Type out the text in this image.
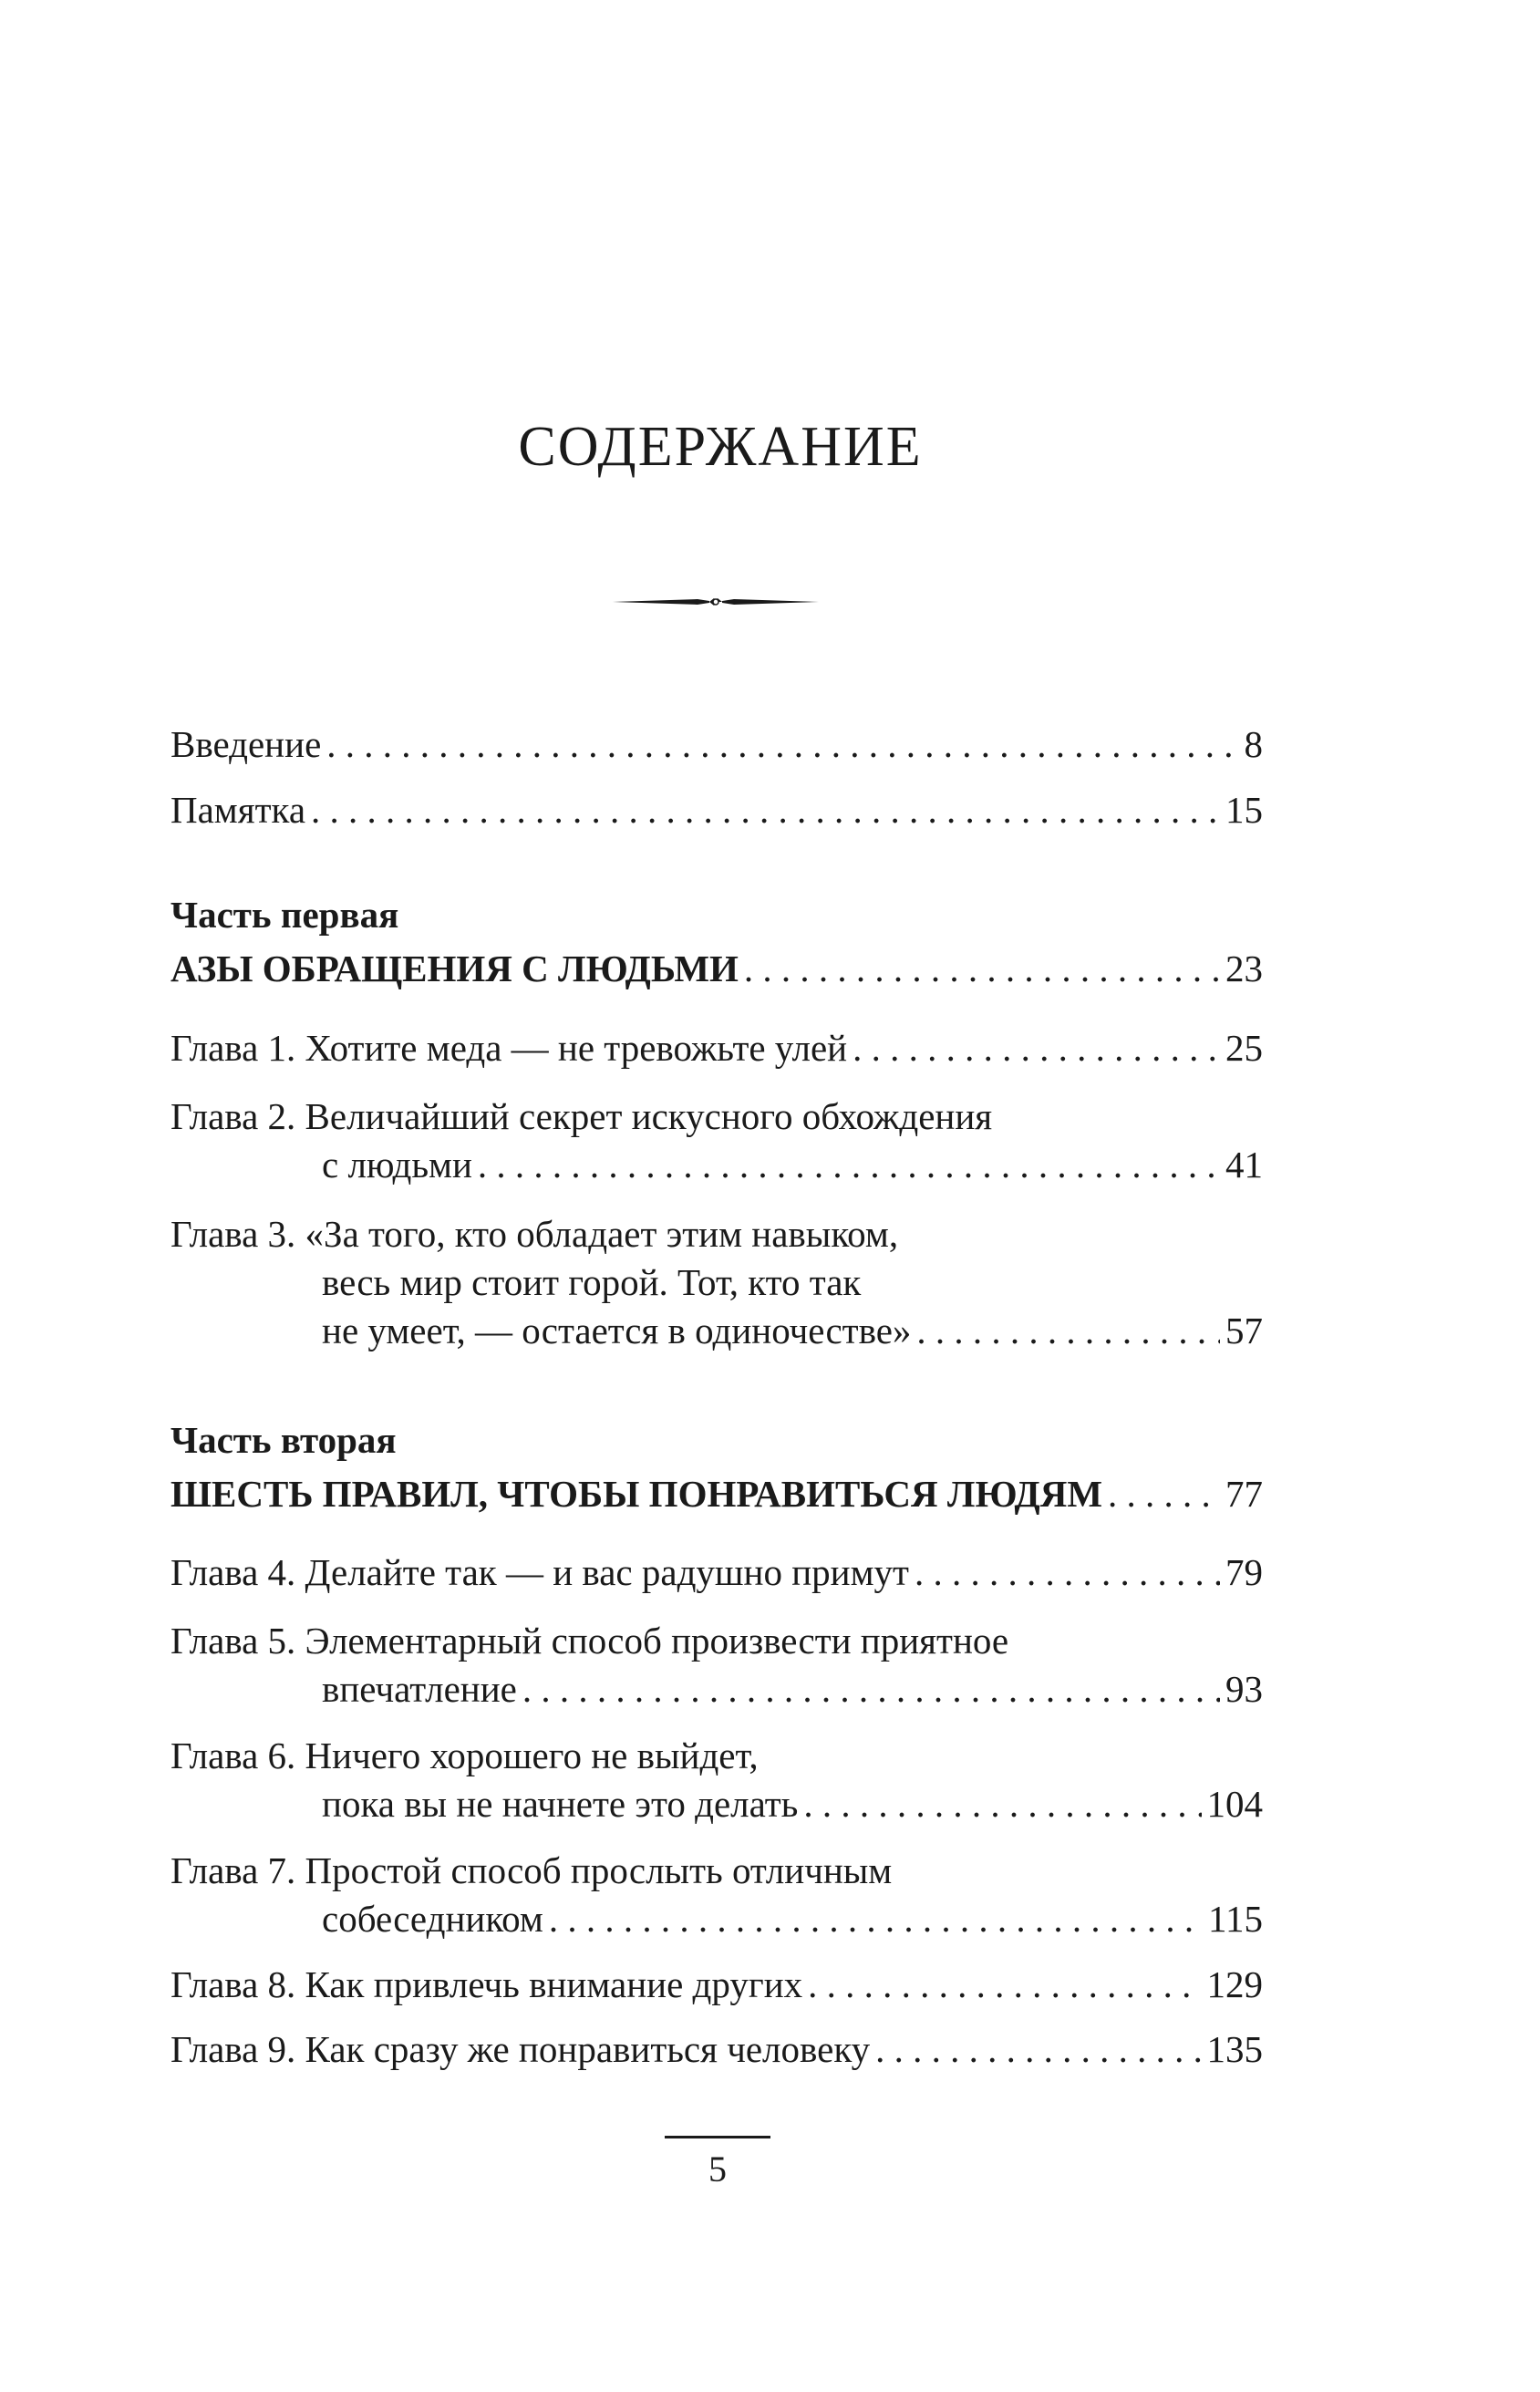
СОДЕРЖАНИЕ
Введение . . .	8
Памятка . . .	15
Часть первая
АЗЫ ОБРАЩЕНИЯ С ЛЮДЬМИ . . .	23
Глава 1. Хотите меда — не тревожьте улей . . .	25
Глава 2. Величайший секрет искусного обхождения
с людьми . . .	41
Глава 3. «За того, кто обладает этим навыком,
весь мир стоит горой. Тот, кто так
не умеет, — остается в одиночестве» . . .	57
Часть вторая
ШЕСТЬ ПРАВИЛ, ЧТОБЫ ПОНРАВИТЬСЯ ЛЮДЯМ . . .	77
Глава 4. Делайте так — и вас радушно примут . . .	79
Глава 5. Элементарный способ произвести приятное
впечатление . . .	93
Глава 6. Ничего хорошего не выйдет,
пока вы не начнете это делать . . .	104
Глава 7. Простой способ прослыть отличным
собеседником . . .	115
Глава 8. Как привлечь внимание других . . .	129
Глава 9. Как сразу же понравиться человеку . . .	135
5
